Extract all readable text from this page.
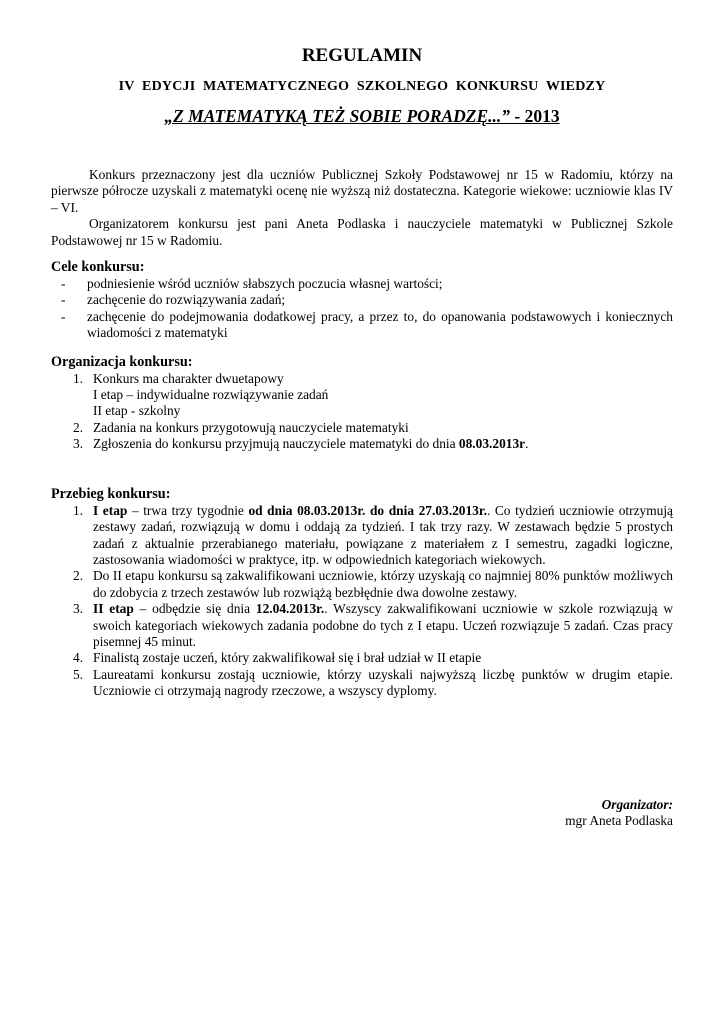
REGULAMIN
IV EDYCJI MATEMATYCZNEGO SZKOLNEGO KONKURSU WIEDZY
„Z MATEMATYKĄ TEŻ SOBIE PORADZĘ...” - 2013

Konkurs przeznaczony jest dla uczniów Publicznej Szkoły Podstawowej nr 15 w Radomiu, którzy na pierwsze półrocze uzyskali z matematyki ocenę nie wyższą niż dostateczna. Kategorie wiekowe: uczniowie klas IV – VI.

Organizatorem konkursu jest pani Aneta Podlaska i nauczyciele matematyki w Publicznej Szkole Podstawowej nr 15 w Radomiu.

Cele konkursu:
- podniesienie wśród uczniów słabszych poczucia własnej wartości;
- zachęcenie do rozwiązywania zadań;
- zachęcenie do podejmowania dodatkowej pracy, a przez to, do opanowania podstawowych i koniecznych wiadomości z matematyki
Organizacja konkursu:
1. Konkurs ma charakter dwuetapowy
I etap – indywidualne rozwiązywanie zadań
II etap - szkolny
2. Zadania na konkurs przygotowują nauczyciele matematyki
3. Zgłoszenia do konkursu przyjmują nauczyciele matematyki do dnia 08.03.2013r.
Przebieg konkursu:
1. I etap – trwa trzy tygodnie od dnia 08.03.2013r. do dnia 27.03.2013r.. Co tydzień uczniowie otrzymują zestawy zadań, rozwiązują w domu i oddają za tydzień. I tak trzy razy. W zestawach będzie 5 prostych zadań z aktualnie przerabianego materiału, powiązane z materiałem z I semestru, zagadki logiczne, zastosowania wiadomości w praktyce, itp. w odpowiednich kategoriach wiekowych.
2. Do II etapu konkursu są zakwalifikowani uczniowie, którzy uzyskają co najmniej 80% punktów możliwych do zdobycia z trzech zestawów lub rozwiążą bezbłędnie dwa dowolne zestawy.
3. II etap – odbędzie się dnia 12.04.2013r.. Wszyscy zakwalifikowani uczniowie w szkole rozwiązują w swoich kategoriach wiekowych zadania podobne do tych z I etapu. Uczeń rozwiązuje 5 zadań. Czas pracy pisemnej 45 minut.
4. Finalistą zostaje uczeń, który zakwalifikował się i brał udział w II etapie
5. Laureatami konkursu zostają uczniowie, którzy uzyskali najwyższą liczbę punktów w drugim etapie. Uczniowie ci otrzymają nagrody rzeczowe, a wszyscy dyplomy.
Organizator:
mgr Aneta Podlaska
